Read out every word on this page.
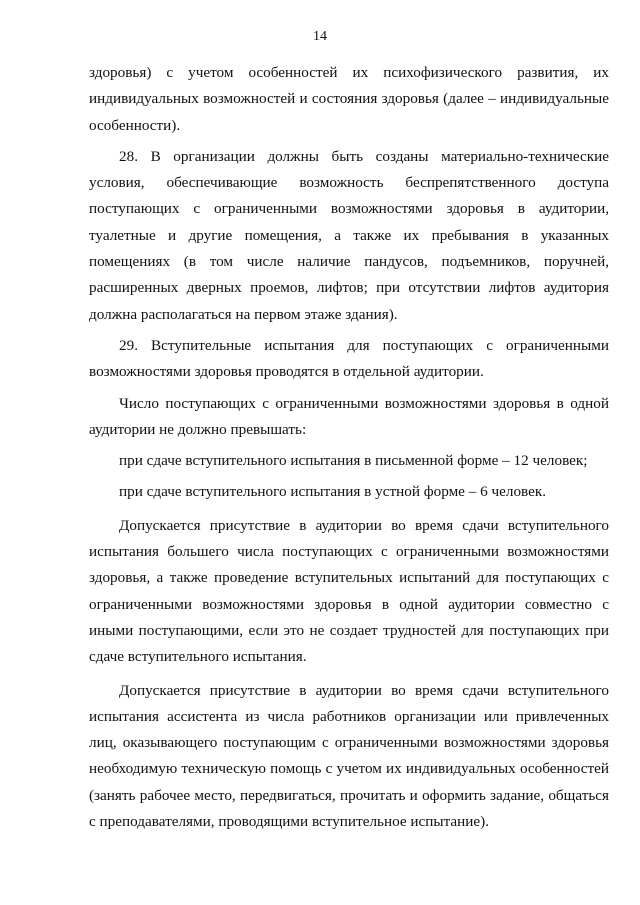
14

здоровья) с учетом особенностей их психофизического развития, их индивидуальных возможностей и состояния здоровья (далее – индивидуальные особенности).

28. В организации должны быть созданы материально-технические условия, обеспечивающие возможность беспрепятственного доступа поступающих с ограниченными возможностями здоровья в аудитории, туалетные и другие помещения, а также их пребывания в указанных помещениях (в том числе наличие пандусов, подъемников, поручней, расширенных дверных проемов, лифтов; при отсутствии лифтов аудитория должна располагаться на первом этаже здания).

29. Вступительные испытания для поступающих с ограниченными возможностями здоровья проводятся в отдельной аудитории.

Число поступающих с ограниченными возможностями здоровья в одной аудитории не должно превышать:

при сдаче вступительного испытания в письменной форме – 12 человек;

при сдаче вступительного испытания в устной форме – 6 человек.

Допускается присутствие в аудитории во время сдачи вступительного испытания большего числа поступающих с ограниченными возможностями здоровья, а также проведение вступительных испытаний для поступающих с ограниченными возможностями здоровья в одной аудитории совместно с иными поступающими, если это не создает трудностей для поступающих при сдаче вступительного испытания.

Допускается присутствие в аудитории во время сдачи вступительного испытания ассистента из числа работников организации или привлеченных лиц, оказывающего поступающим с ограниченными возможностями здоровья необходимую техническую помощь с учетом их индивидуальных особенностей (занять рабочее место, передвигаться, прочитать и оформить задание, общаться с преподавателями, проводящими вступительное испытание).
